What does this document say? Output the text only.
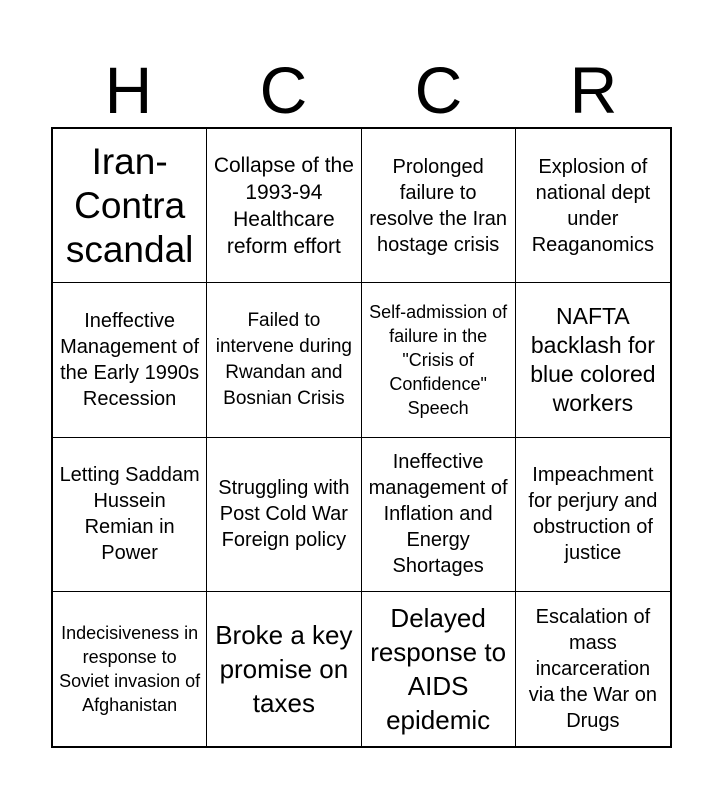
H	C	C	R
Iran-Contra scandal
Collapse of the 1993-94 Healthcare reform effort
Prolonged failure to resolve the Iran hostage crisis
Explosion of national dept under Reaganomics
Ineffective Management of the Early 1990s Recession
Failed to intervene during Rwandan and Bosnian Crisis
Self-admission of failure in the "Crisis of Confidence" Speech
NAFTA backlash for blue colored workers
Letting Saddam Hussein Remian in Power
Struggling with Post Cold War Foreign policy
Ineffective management of Inflation and Energy Shortages
Impeachment for perjury and obstruction of justice
Indecisiveness in response to Soviet invasion of Afghanistan
Broke a key promise on taxes
Delayed response to AIDS epidemic
Escalation of mass incarceration via the War on Drugs
